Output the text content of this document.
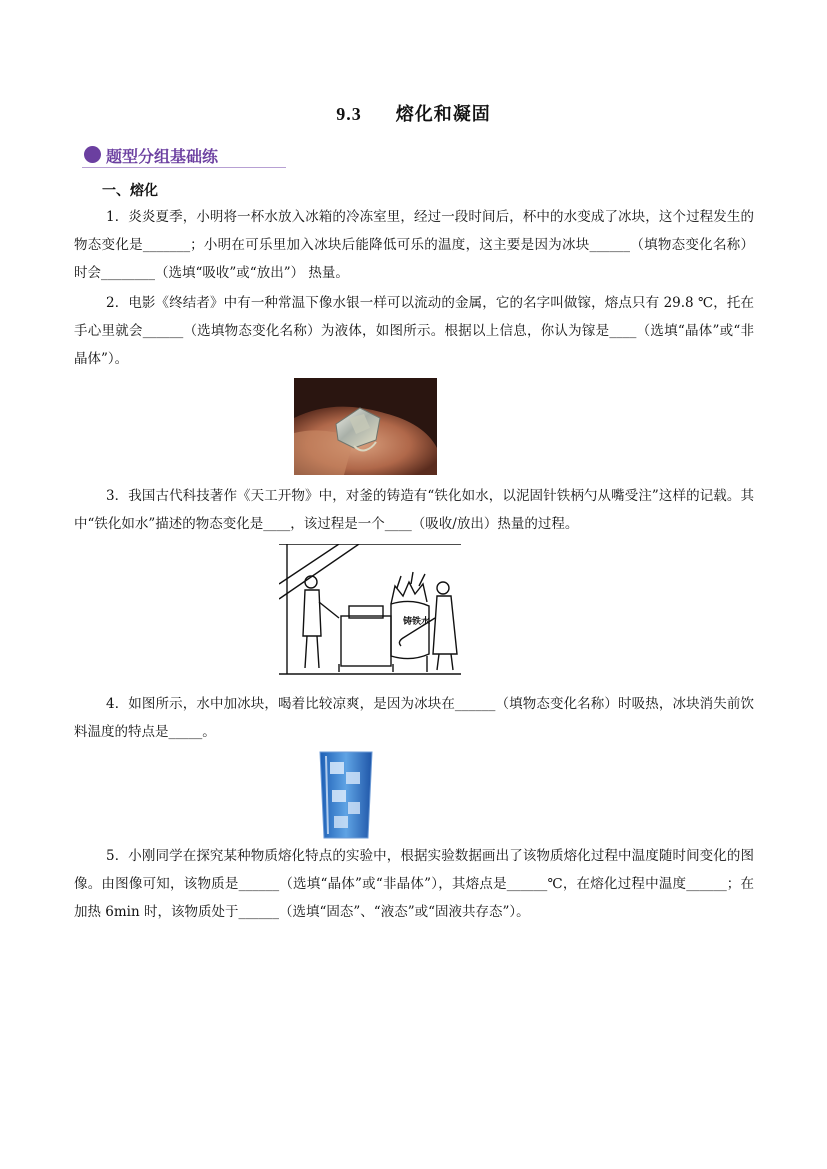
9.3 熔化和凝固
题型分组基础练
一、熔化
1．炎炎夏季，小明将一杯水放入冰箱的冷冻室里，经过一段时间后，杯中的水变成了冰块，这个过程发生的物态变化是_______；小明在可乐里加入冰块后能降低可乐的温度，这主要是因为冰块______（填物态变化名称）时会________（选填“吸收”或“放出”） 热量。
2．电影《终结者》中有一种常温下像水银一样可以流动的金属，它的名字叫做镓，熔点只有 29.8 ℃，托在手心里就会______（选填物态变化名称）为液体，如图所示。根据以上信息，你认为镓是____（选填“晶体”或“非晶体”）。
3．我国古代科技著作《天工开物》中，对釜的铸造有“铁化如水，以泥固针铁柄勺从嘴受注”这样的记载。其中“铁化如水”描述的物态变化是____，该过程是一个____（吸收/放出）热量的过程。
铸铁水
4．如图所示，水中加冰块，喝着比较凉爽，是因为冰块在______（填物态变化名称）时吸热，冰块消失前饮料温度的特点是_____。
5．小刚同学在探究某种物质熔化特点的实验中，根据实验数据画出了该物质熔化过程中温度随时间变化的图像。由图像可知，该物质是______（选填“晶体”或“非晶体”），其熔点是______℃，在熔化过程中温度______；在加热 6min 时，该物质处于______（选填“固态”、“液态”或“固液共存态”）。
